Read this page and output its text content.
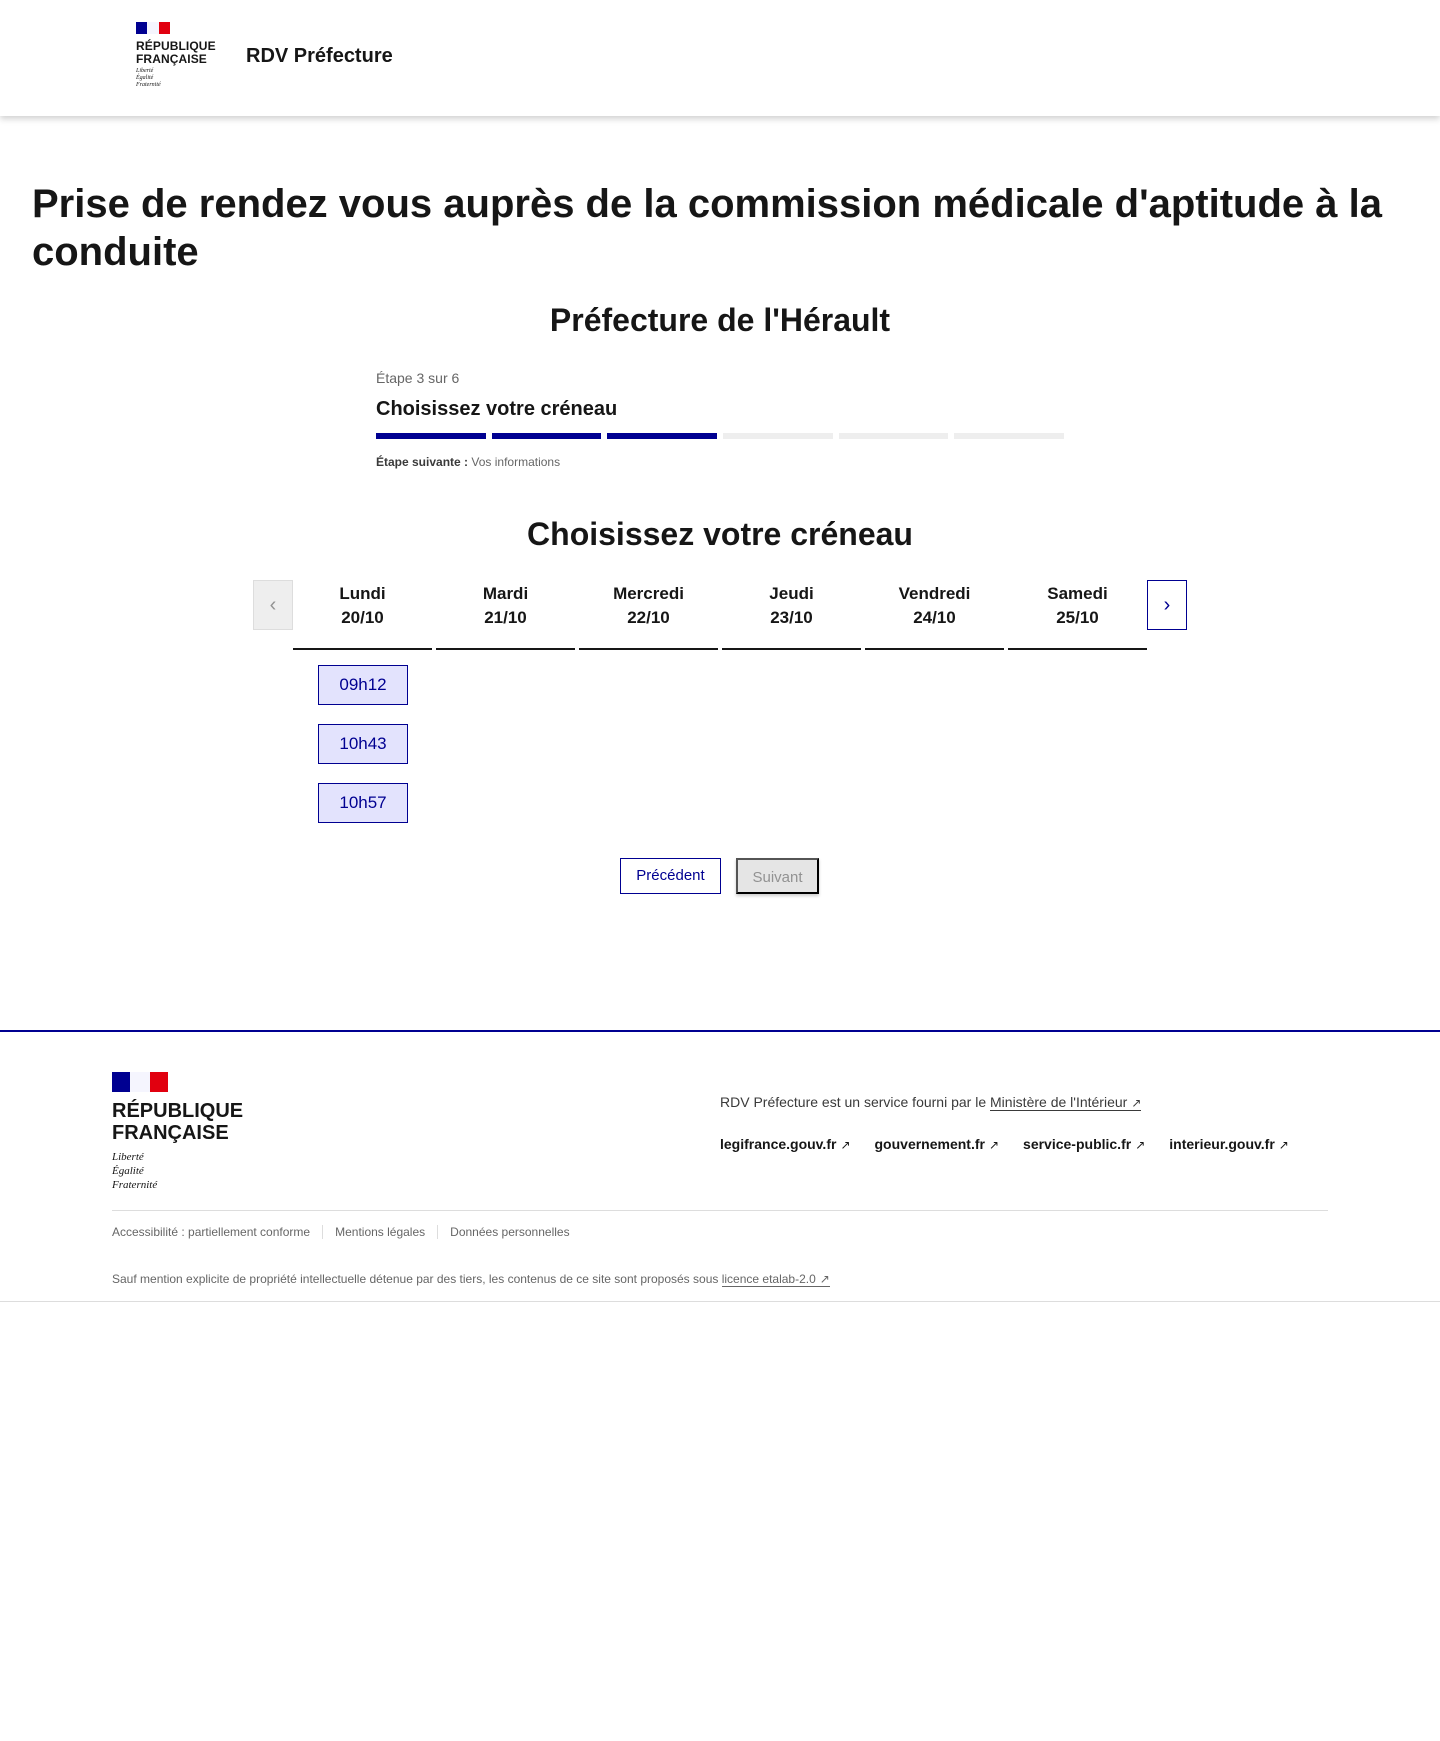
RÉPUBLIQUE
FRANÇAISE
Liberté
Égalité
Fraternité
RDV Préfecture
Prise de rendez vous auprès de la commission médicale d'aptitude à la conduite
Préfecture de l'Hérault

Étape 3 sur 6

Choisissez votre créneau

Étape suivante : Vos informations

Choisissez votre créneau
‹	Lundi
20/10
Mardi
21/10
Mercredi
22/10
Jeudi
23/10
Vendredi
24/10
Samedi
25/10
›
09h12
10h43
10h57
Précédent	Suivant
RÉPUBLIQUE
FRANÇAISE
Liberté
Égalité
Fraternité

RDV Préfecture est un service fourni par le Ministère de l'Intérieur ↗

legifrance.gouv.fr ↗ gouvernement.fr ↗ service-public.fr ↗ interieur.gouv.fr ↗
Accessibilité : partiellement conforme	Mentions légales	Données personnelles

Sauf mention explicite de propriété intellectuelle détenue par des tiers, les contenus de ce site sont proposés sous licence etalab-2.0 ↗
